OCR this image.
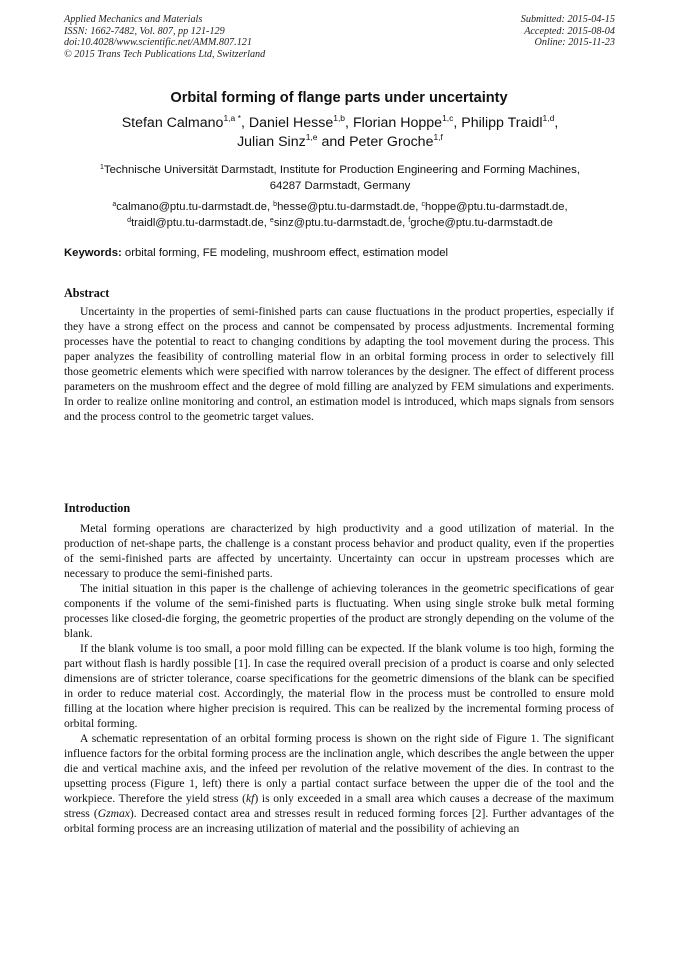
Applied Mechanics and Materials
ISSN: 1662-7482, Vol. 807, pp 121-129
doi:10.4028/www.scientific.net/AMM.807.121
© 2015 Trans Tech Publications Ltd, Switzerland
Submitted: 2015-04-15
Accepted: 2015-08-04
Online: 2015-11-23
Orbital forming of flange parts under uncertainty
Stefan Calmano$^{1,a *}$, Daniel Hesse$^{1,b}$, Florian Hoppe$^{1,c}$, Philipp Traidl$^{1,d}$,
Julian Sinz$^{1,e}$ and Peter Groche$^{1,f}$
$^1$Technische Universität Darmstadt, Institute for Production Engineering and Forming Machines,
64287 Darmstadt, Germany
$^a$calmano@ptu.tu-darmstadt.de, $^b$hesse@ptu.tu-darmstadt.de, $^c$hoppe@ptu.tu-darmstadt.de,
$^d$traidl@ptu.tu-darmstadt.de, $^e$sinz@ptu.tu-darmstadt.de, $^f$groche@ptu.tu-darmstadt.de
Keywords: orbital forming, FE modeling, mushroom effect, estimation model
Abstract

Uncertainty in the properties of semi-finished parts can cause fluctuations in the product properties, especially if they have a strong effect on the process and cannot be compensated by process adjustments. Incremental forming processes have the potential to react to changing conditions by adapting the tool movement during the process. This paper analyzes the feasibility of controlling material flow in an orbital forming process in order to selectively fill those geometric elements which were specified with narrow tolerances by the designer. The effect of different process parameters on the mushroom effect and the degree of mold filling are analyzed by FEM simulations and experiments. In order to realize online monitoring and control, an estimation model is introduced, which maps signals from sensors and the process control to the geometric target values.

Introduction

Metal forming operations are characterized by high productivity and a good utilization of material. In the production of net-shape parts, the challenge is a constant process behavior and product quality, even if the properties of the semi-finished parts are affected by uncertainty. Uncertainty can occur in upstream processes which are necessary to produce the semi-finished parts.

The initial situation in this paper is the challenge of achieving tolerances in the geometric specifications of gear components if the volume of the semi-finished parts is fluctuating. When using single stroke bulk metal forming processes like closed-die forging, the geometric properties of the product are strongly depending on the volume of the blank.

If the blank volume is too small, a poor mold filling can be expected. If the blank volume is too high, forming the part without flash is hardly possible [1]. In case the required overall precision of a product is coarse and only selected dimensions are of stricter tolerance, coarse specifications for the geometric dimensions of the blank can be specified in order to reduce material cost. Accordingly, the material flow in the process must be controlled to ensure mold filling at the location where higher precision is required. This can be realized by the incremental forming process of orbital forming.

A schematic representation of an orbital forming process is shown on the right side of Figure 1. The significant influence factors for the orbital forming process are the inclination angle, which describes the angle between the upper die and vertical machine axis, and the infeed per revolution of the relative movement of the dies. In contrast to the upsetting process (Figure 1, left) there is only a partial contact surface between the upper die of the tool and the workpiece. Therefore the yield stress (kf) is only exceeded in a small area which causes a decrease of the maximum stress (Gzmax). Decreased contact area and stresses result in reduced forming forces [2]. Further advantages of the orbital forming process are an increasing utilization of material and the possibility of achieving an
